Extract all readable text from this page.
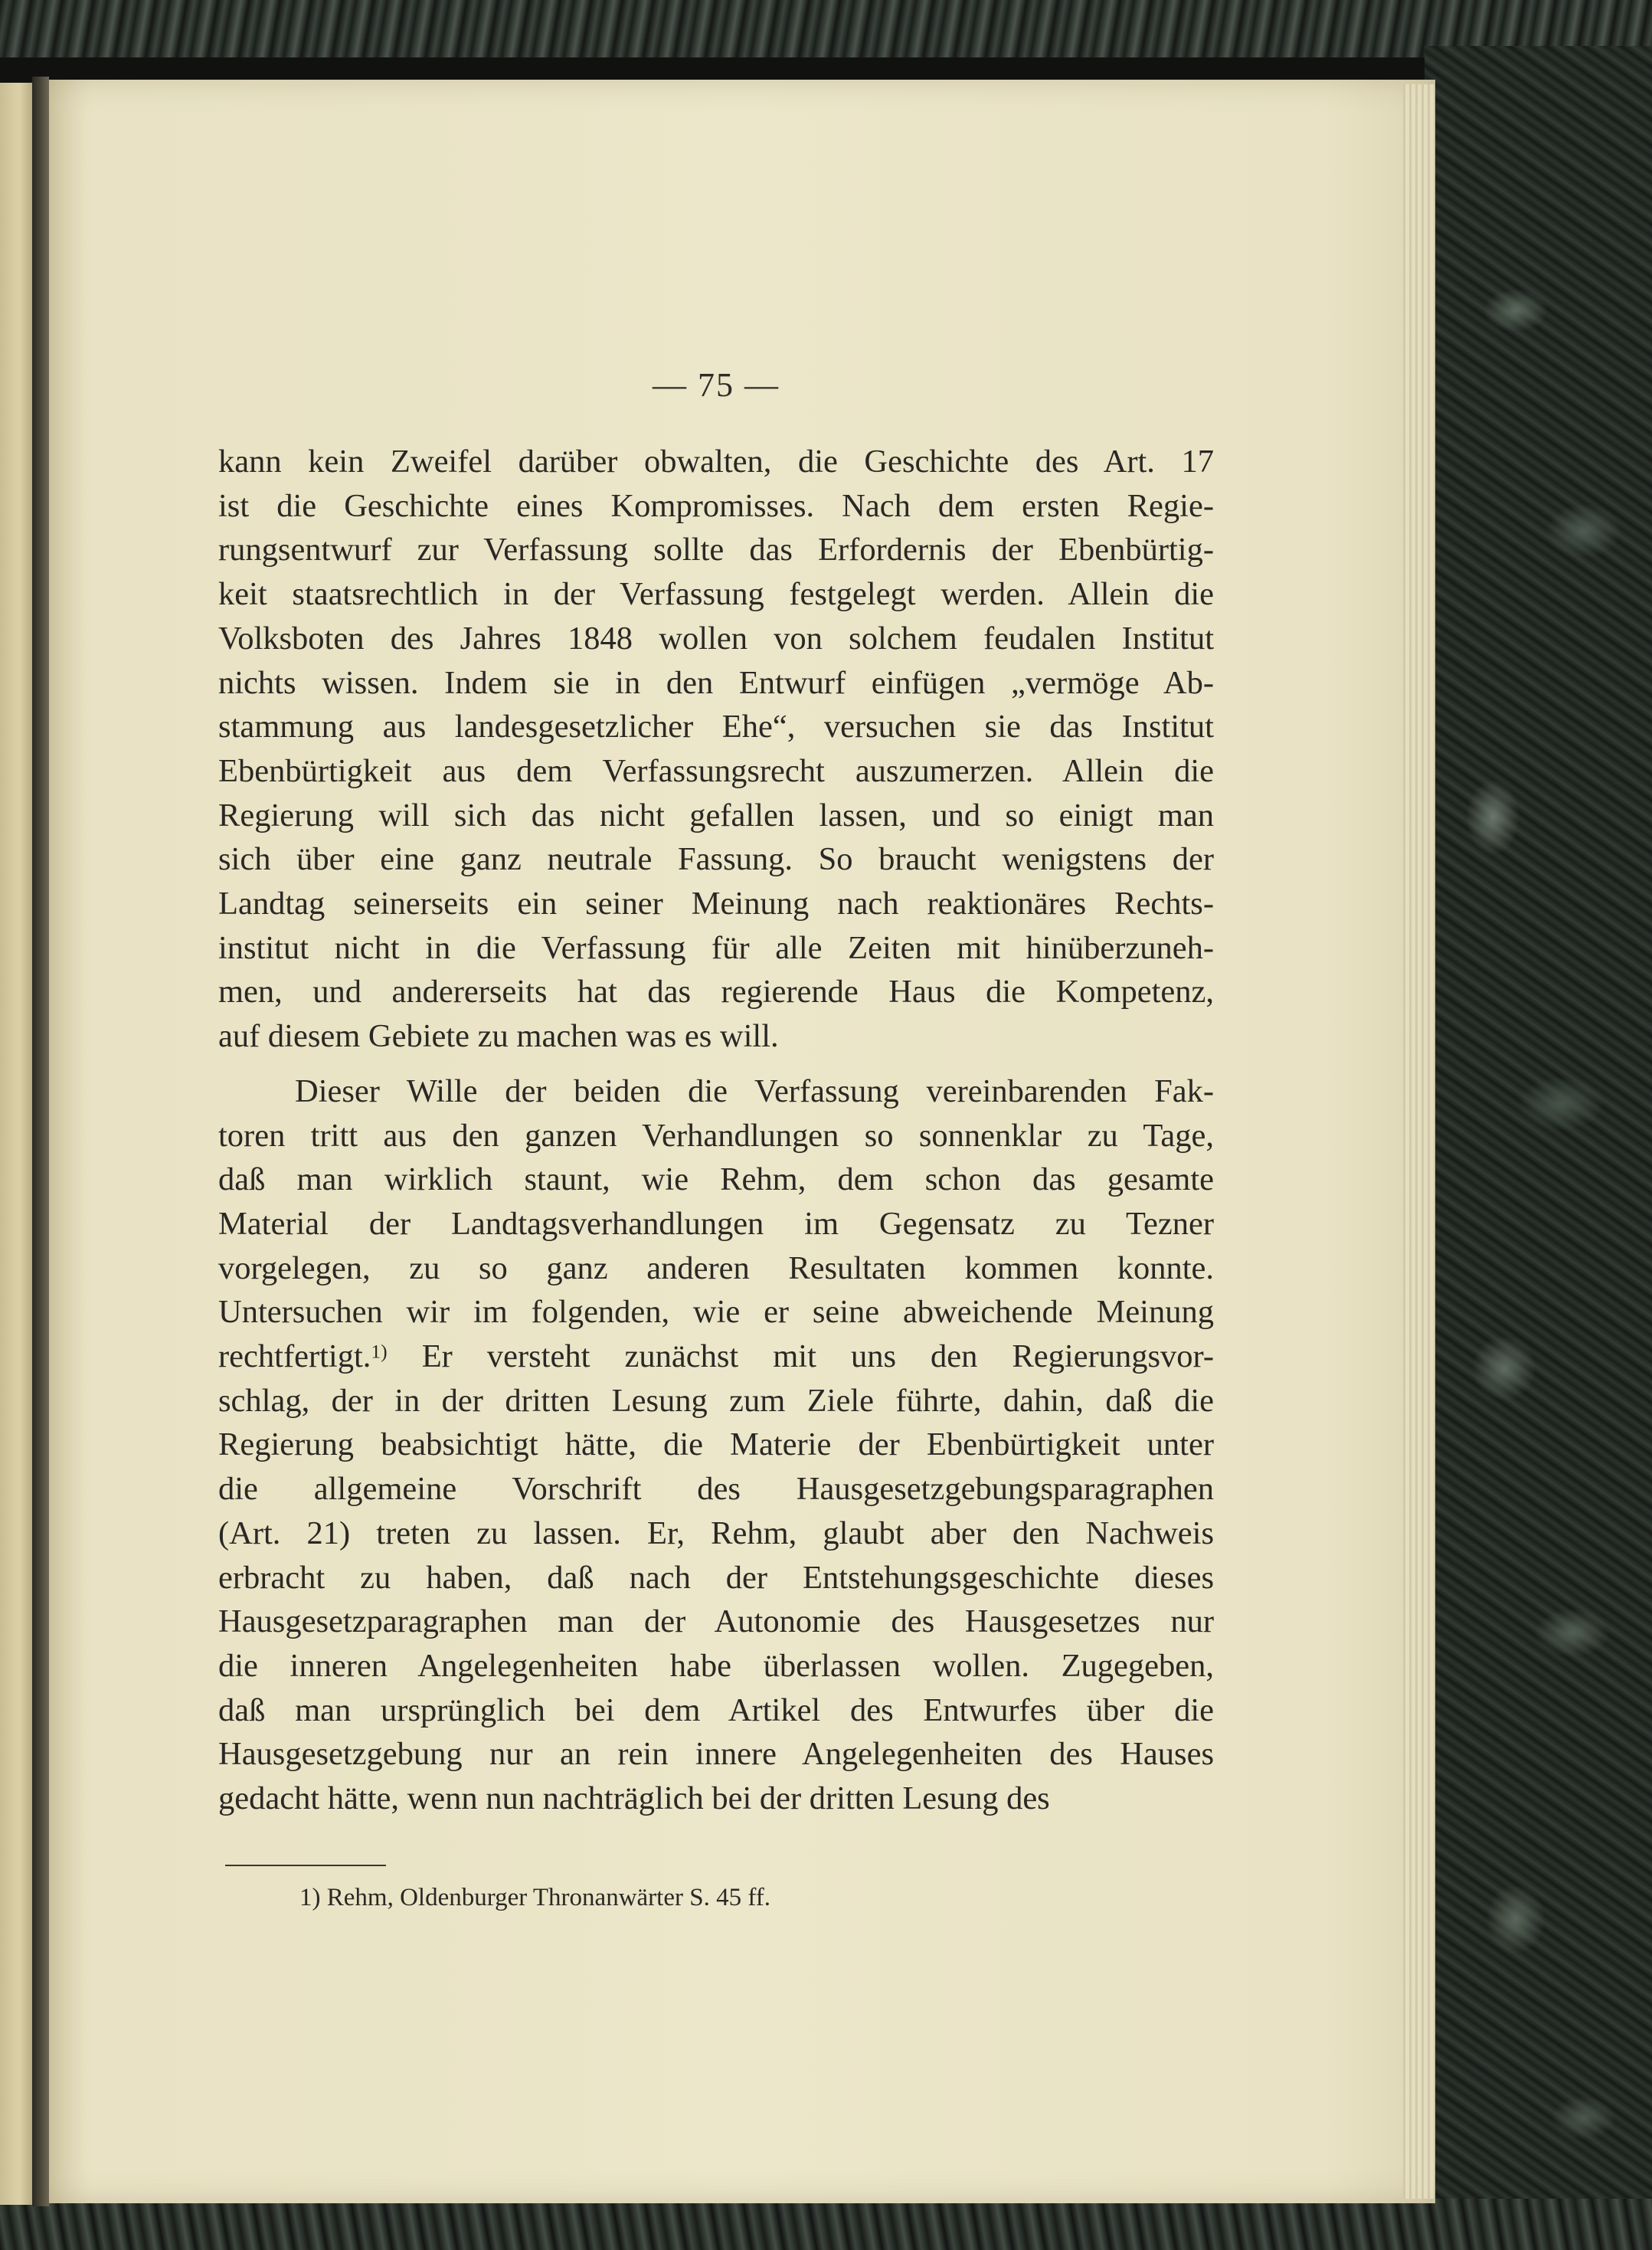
— 75 —

kann kein Zweifel darüber obwalten, die Geschichte des Art. 17
ist die Geschichte eines Kompromisses. Nach dem ersten Regie-
rungsentwurf zur Verfassung sollte das Erfordernis der Ebenbürtig-
keit staatsrechtlich in der Verfassung festgelegt werden. Allein die
Volksboten des Jahres 1848 wollen von solchem feudalen Institut
nichts wissen. Indem sie in den Entwurf einfügen „vermöge Ab-
stammung aus landesgesetzlicher Ehe“, versuchen sie das Institut
Ebenbürtigkeit aus dem Verfassungsrecht auszumerzen. Allein die
Regierung will sich das nicht gefallen lassen, und so einigt man
sich über eine ganz neutrale Fassung. So braucht wenigstens der
Landtag seinerseits ein seiner Meinung nach reaktionäres Rechts-
institut nicht in die Verfassung für alle Zeiten mit hinüberzuneh-
men, und andererseits hat das regierende Haus die Kompetenz,
auf diesem Gebiete zu machen was es will.

Dieser Wille der beiden die Verfassung vereinbarenden Fak-
toren tritt aus den ganzen Verhandlungen so sonnenklar zu Tage,
daß man wirklich staunt, wie Rehm, dem schon das gesamte
Material der Landtagsverhandlungen im Gegensatz zu Tezner
vorgelegen, zu so ganz anderen Resultaten kommen konnte.
Untersuchen wir im folgenden, wie er seine abweichende Meinung
rechtfertigt.$^{1)}$ Er versteht zunächst mit uns den Regierungsvor-
schlag, der in der dritten Lesung zum Ziele führte, dahin, daß die
Regierung beabsichtigt hätte, die Materie der Ebenbürtigkeit unter
die allgemeine Vorschrift des Hausgesetzgebungsparagraphen
(Art. 21) treten zu lassen. Er, Rehm, glaubt aber den Nachweis
erbracht zu haben, daß nach der Entstehungsgeschichte dieses
Hausgesetzparagraphen man der Autonomie des Hausgesetzes nur
die inneren Angelegenheiten habe überlassen wollen. Zugegeben,
daß man ursprünglich bei dem Artikel des Entwurfes über die
Hausgesetzgebung nur an rein innere Angelegenheiten des Hauses
gedacht hätte, wenn nun nachträglich bei der dritten Lesung des

1) Rehm, Oldenburger Thronanwärter S. 45 ff.
